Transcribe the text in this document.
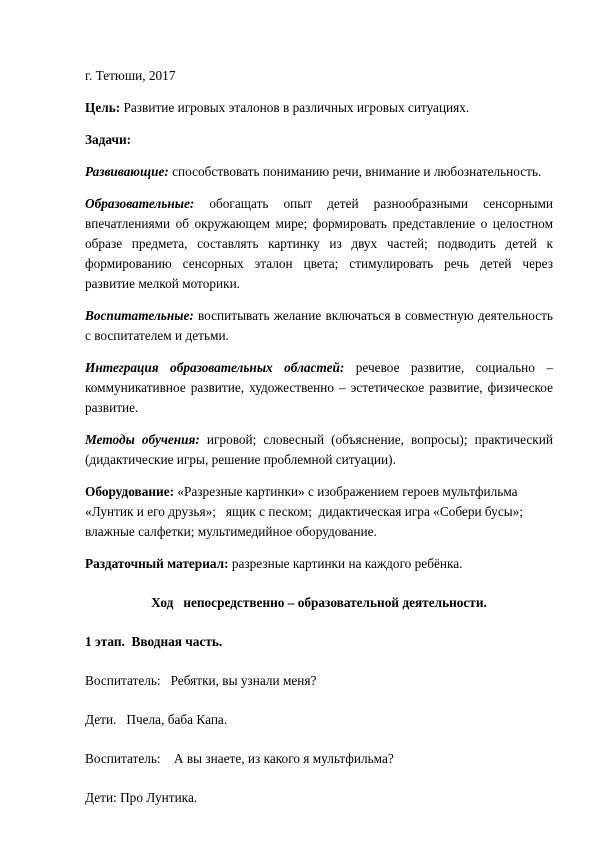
г. Тетюши, 2017

Цель: Развитие игровых эталонов в различных игровых ситуациях.

Задачи:

Развивающие: способствовать пониманию речи, внимание и любознательность.

Образовательные: обогащать опыт детей разнообразными сенсорными впечатлениями об окружающем мире; формировать представление о целостном образе предмета, составлять картинку из двух частей; подводить детей к формированию сенсорных эталон цвета; стимулировать речь детей через развитие мелкой моторики.

Воспитательные: воспитывать желание включаться в совместную деятельность с воспитателем и детьми.

Интеграция образовательных областей: речевое развитие, социально – коммуникативное развитие, художественно – эстетическое развитие, физическое развитие.

Методы обучения: игровой; словесный (объяснение, вопросы); практический (дидактические игры, решение проблемной ситуации).

Оборудование: «Разрезные картинки» с изображением героев мультфильма
«Лунтик и его друзья»;   ящик с песком;  дидактическая игра «Собери бусы»;
влажные салфетки; мультимедийное оборудование.

Раздаточный материал: разрезные картинки на каждого ребёнка.

Ход   непосредственно – образовательной деятельности.

1 этап.  Вводная часть.

Воспитатель:   Ребятки, вы узнали меня?

Дети.   Пчела, баба Капа.

Воспитатель:    А вы знаете, из какого я мультфильма?

Дети: Про Лунтика.
